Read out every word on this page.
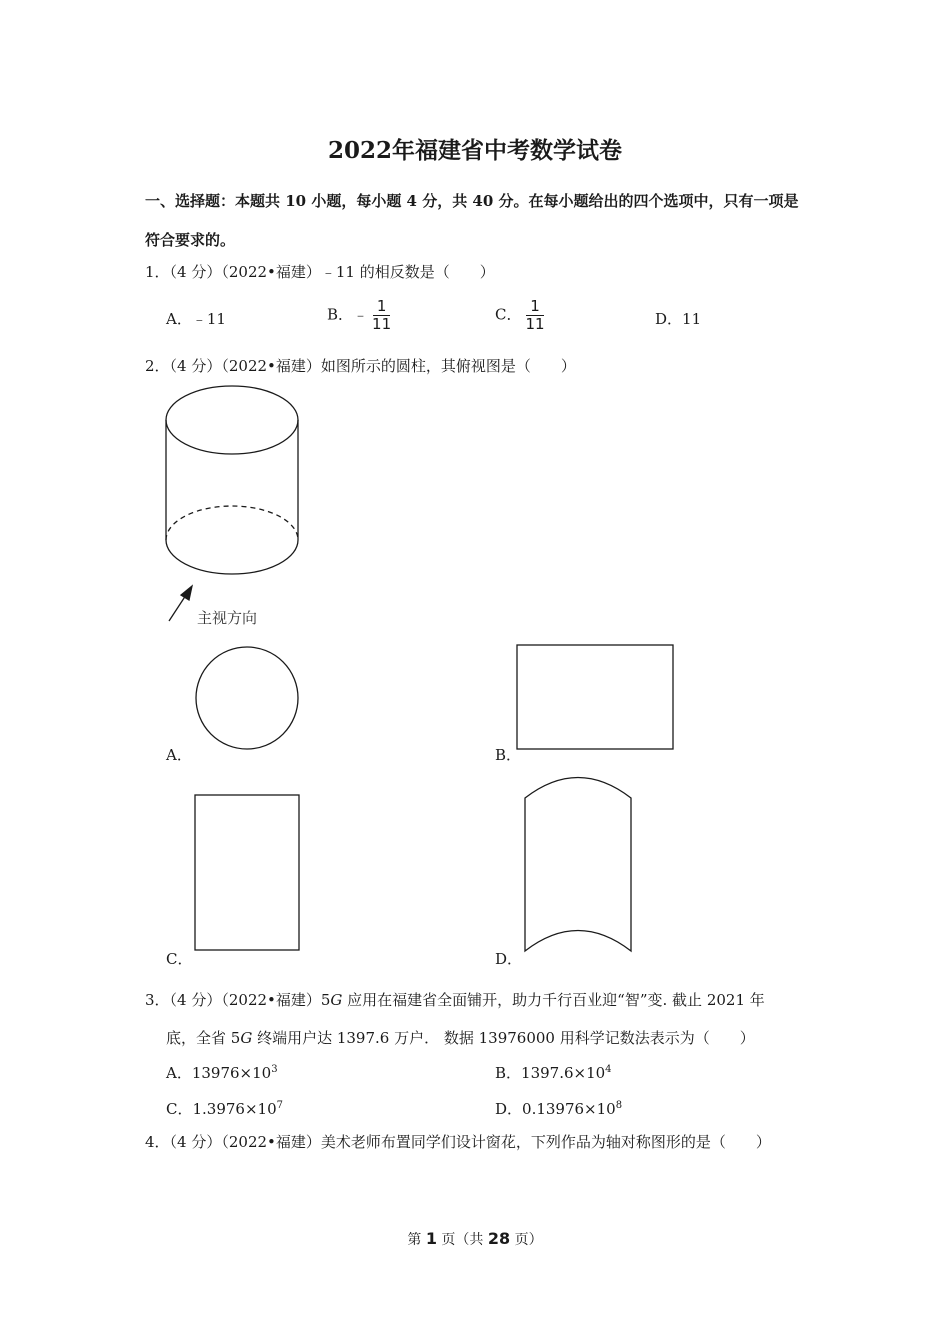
2022年福建省中考数学试卷
一、选择题：本题共 10 小题，每小题 4 分，共 40 分。在每小题给出的四个选项中，只有一项是
符合要求的。
1．（4 分）（2022•福建）﹣11 的相反数是（　　）
A．﹣11	B．﹣ $\frac{1}{11}$	C． $\frac{1}{11}$	D．11
2．（4 分）（2022•福建）如图所示的圆柱，其俯视图是（　　）
主视方向
A．	B．
C．	D．
3．（4 分）（2022•福建）5G 应用在福建省全面铺开，助力千行百业迎“智”变. 截止 2021 年
底，全省 5G 终端用户达 1397.6 万户． 数据 13976000 用科学记数法表示为（　　）
A．$13976\times 10^3$	B．$1397.6\times 10^4$
C．$1.3976\times 10^7$	D．$0.13976\times 10^8$
4．（4 分）（2022•福建）美术老师布置同学们设计窗花，下列作品为轴对称图形的是（　　）
第 1 页（共 28 页）
